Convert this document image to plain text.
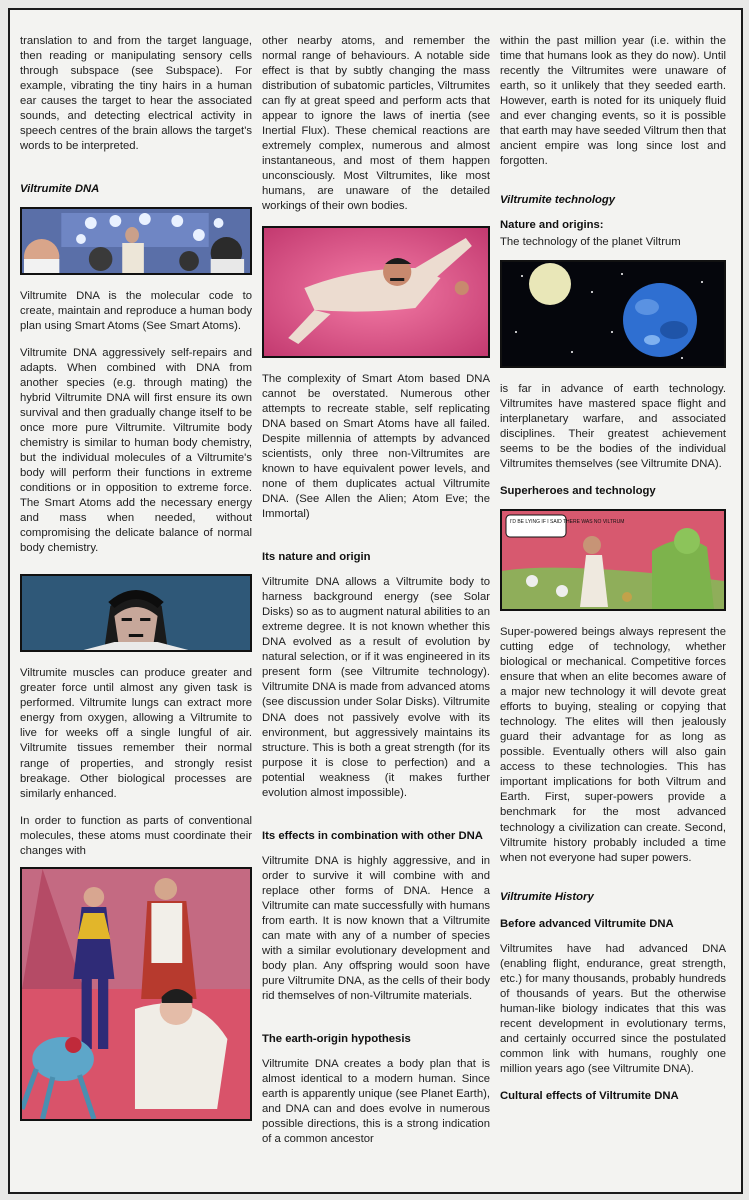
translation to and from the target language, then reading or manipulating sensory cells through subspace (see Subspace). For example, vibrating the tiny hairs in a human ear causes the target to hear the associated sounds, and detecting electrical activity in speech centres of the brain allows the target's words to be interpreted.

Viltrumite DNA

Viltrumite DNA is the molecular code to create, maintain and reproduce a human body plan using Smart Atoms (See Smart Atoms).

Viltrumite DNA aggressively self-repairs and adapts. When combined with DNA from another species (e.g. through mating) the hybrid Viltrumite DNA will first ensure its own survival and then gradually change itself to be once more pure Viltrumite. Viltrumite body chemistry is similar to human body chemistry, but the individual molecules of a Viltrumite's body will perform their functions in extreme conditions or in opposition to extreme force. The Smart Atoms add the necessary energy and mass when needed, without compromising the delicate balance of normal body chemistry.

Viltrumite muscles can produce greater and greater force until almost any given task is performed. Viltrumite lungs can extract more energy from oxygen, allowing a Viltrumite to live for weeks off a single lungful of air. Viltrumite tissues remember their normal range of properties, and strongly resist breakage. Other biological processes are similarly enhanced.

In order to function as parts of conventional molecules, these atoms must coordinate their changes with

other nearby atoms, and remember the normal range of behaviours. A notable side effect is that by subtly changing the mass distribution of subatomic particles, Viltrumites can fly at great speed and perform acts that appear to ignore the laws of inertia (see Inertial Flux). These chemical reactions are extremely complex, numerous and almost instantaneous, and most of them happen unconsciously. Most Viltrumites, like most humans, are unaware of the detailed workings of their own bodies.

The complexity of Smart Atom based DNA cannot be overstated. Numerous other attempts to recreate stable, self replicating DNA based on Smart Atoms have all failed. Despite millennia of attempts by advanced scientists, only three non-Viltrumites are known to have equivalent power levels, and none of them duplicates actual Viltrumite DNA. (See Allen the Alien; Atom Eve; the Immortal)

Its nature and origin

Viltrumite DNA allows a Viltrumite body to harness background energy (see Solar Disks) so as to augment natural abilities to an extreme degree. It is not known whether this DNA evolved as a result of evolution by natural selection, or if it was engineered in its present form (see Viltrumite technology). Viltrumite DNA is made from advanced atoms (see discussion under Solar Disks). Viltrumite DNA does not passively evolve with its environment, but aggressively maintains its structure. This is both a great strength (for its purpose it is close to perfection) and a potential weakness (it makes further evolution almost impossible).

Its effects in combination with other DNA

Viltrumite DNA is highly aggressive, and in order to survive it will combine with and replace other forms of DNA. Hence a Viltrumite can mate successfully with humans from earth. It is now known that a Viltrumite can mate with any of a number of species with a similar evolutionary development and body plan. Any offspring would soon have pure Viltrumite DNA, as the cells of their body rid themselves of non-Viltrumite materials.

The earth-origin hypothesis

Viltrumite DNA creates a body plan that is almost identical to a modern human. Since earth is apparently unique (see Planet Earth), and DNA can and does evolve in numerous possible directions, this is a strong indication of a common ancestor

within the past million year (i.e. within the time that humans look as they do now). Until recently the Viltrumites were unaware of earth, so it unlikely that they seeded earth. However, earth is noted for its uniquely fluid and ever changing events, so it is possible that earth may have seeded Viltrum then that ancient empire was long since lost and forgotten.

Viltrumite technology
Nature and origins:

The technology of the planet Viltrum

is far in advance of earth technology. Viltrumites have mastered space flight and interplanetary warfare, and associated disciplines. Their greatest achievement seems to be the bodies of the individual Viltrumites themselves (see Viltrumite DNA).

Superheroes and technology
I'D BE LYING IF I SAID THERE WAS NO VILTRUM

Super-powered beings always represent the cutting edge of technology, whether biological or mechanical. Competitive forces ensure that when an elite becomes aware of a major new technology it will devote great efforts to buying, stealing or copying that technology. The elites will then jealously guard their advantage for as long as possible. Eventually others will also gain access to these technologies. This has important implications for both Viltrum and Earth. First, super-powers provide a benchmark for the most advanced technology a civilization can create. Second, Viltrumite history probably included a time when not everyone had super powers.

Viltrumite History
Before advanced Viltrumite DNA

Viltrumites have had advanced DNA (enabling flight, endurance, great strength, etc.) for many thousands, probably hundreds of thousands of years. But the otherwise human-like biology indicates that this was recent development in evolutionary terms, and certainly occurred since the postulated common link with humans, roughly one million years ago (see Viltrumite DNA).

Cultural effects of Viltrumite DNA
